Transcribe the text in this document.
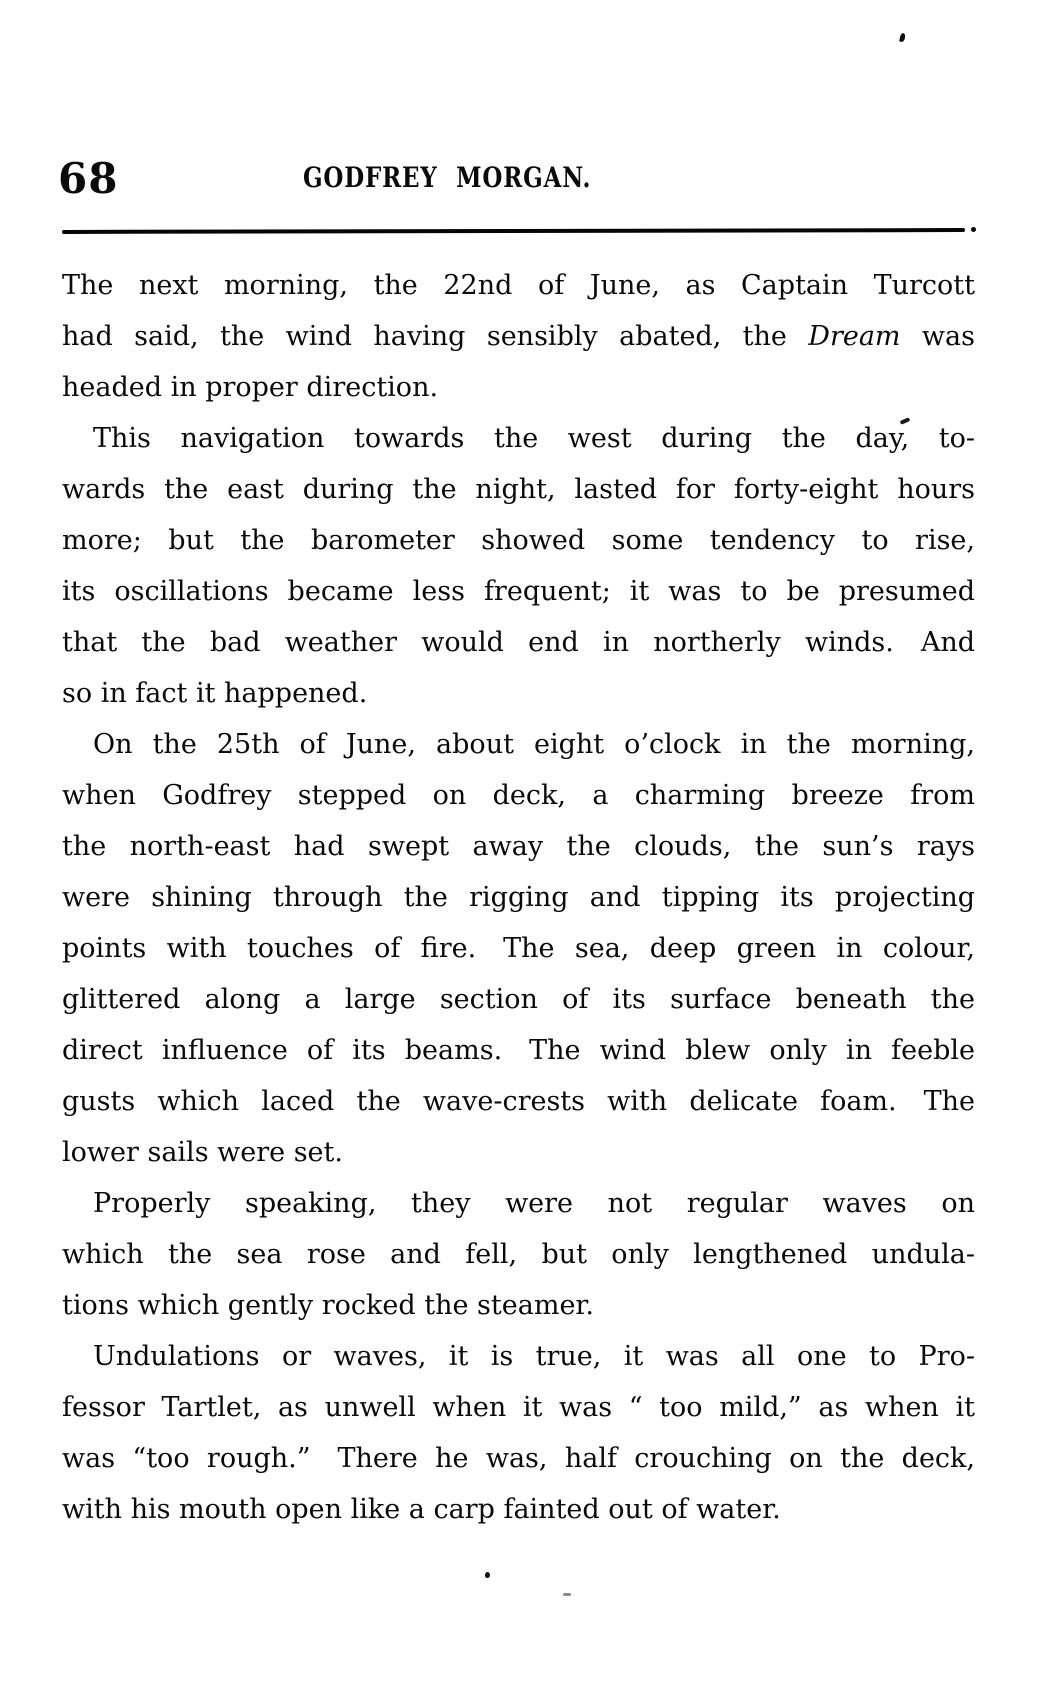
68	GODFREY MORGAN.
The next morning, the 22nd of June, as Captain Turcott
had said, the wind having sensibly abated, the Dream was
headed in proper direction.
This navigation towards the west during the day, to-
wards the east during the night, lasted for forty-eight hours
more; but the barometer showed some tendency to rise,
its oscillations became less frequent; it was to be presumed
that the bad weather would end in northerly winds. And
so in fact it happened.
On the 25th of June, about eight o’clock in the morning,
when Godfrey stepped on deck, a charming breeze from
the north-east had swept away the clouds, the sun’s rays
were shining through the rigging and tipping its projecting
points with touches of fire. The sea, deep green in colour,
glittered along a large section of its surface beneath the
direct influence of its beams. The wind blew only in feeble
gusts which laced the wave-crests with delicate foam. The
lower sails were set.
Properly speaking, they were not regular waves on
which the sea rose and fell, but only lengthened undula-
tions which gently rocked the steamer.
Undulations or waves, it is true, it was all one to Pro-
fessor Tartlet, as unwell when it was “ too mild,” as when it
was “too rough.” There he was, half crouching on the deck,
with his mouth open like a carp fainted out of water.
